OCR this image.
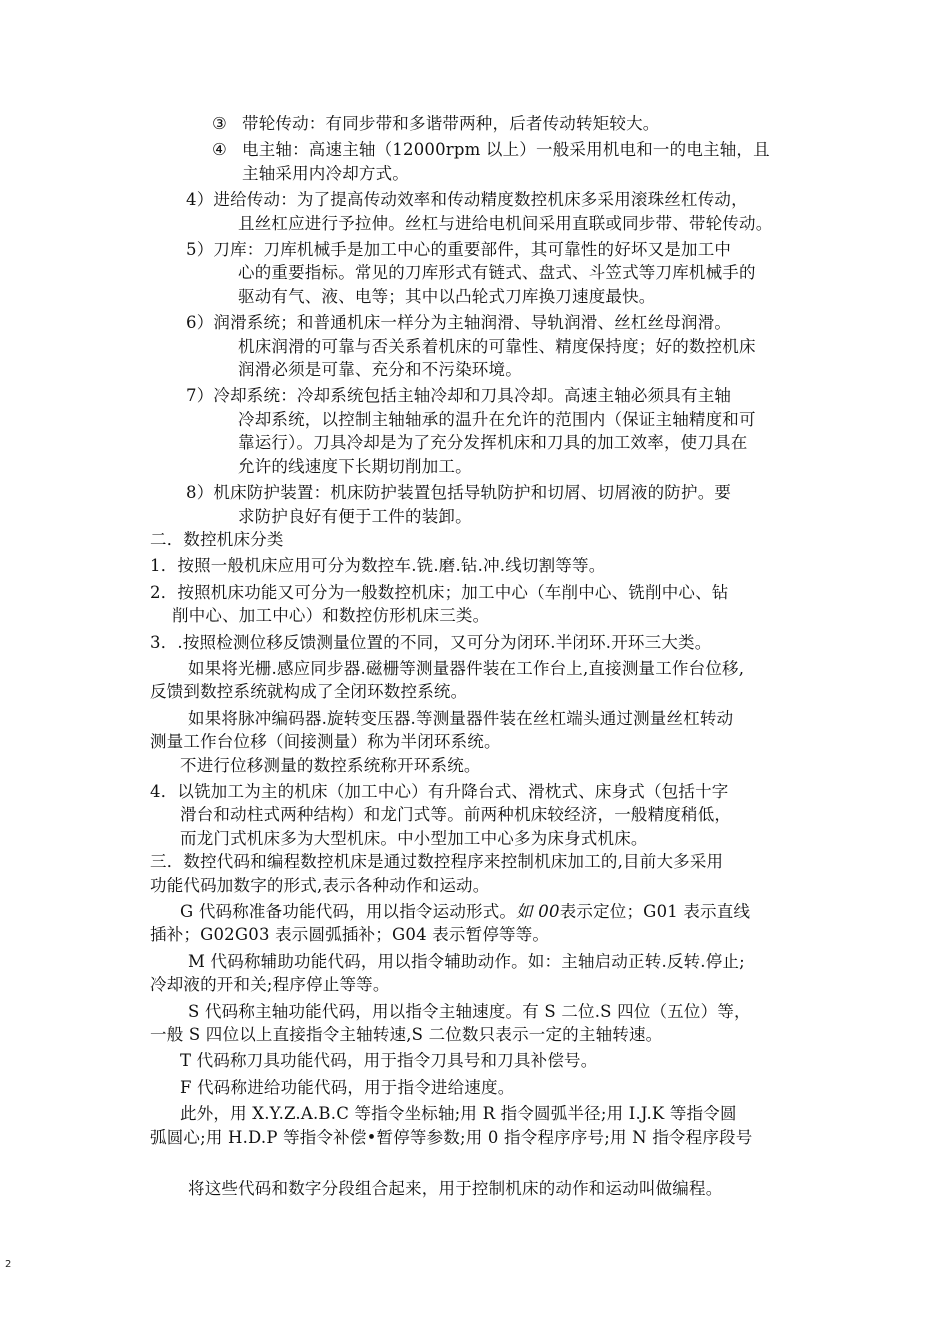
③ 带轮传动：有同步带和多谐带两种，后者传动转矩较大。
④ 电主轴：高速主轴（12000rpm 以上）一般采用机电和一的电主轴，且
主轴采用内冷却方式。
4）进给传动：为了提高传动效率和传动精度数控机床多采用滚珠丝杠传动，
且丝杠应进行予拉伸。丝杠与进给电机间采用直联或同步带、带轮传动。
5）刀库：刀库机械手是加工中心的重要部件，其可靠性的好坏又是加工中
心的重要指标。常见的刀库形式有链式、盘式、斗笠式等刀库机械手的
驱动有气、液、电等；其中以凸轮式刀库换刀速度最快。
6）润滑系统；和普通机床一样分为主轴润滑、导轨润滑、丝杠丝母润滑。
机床润滑的可靠与否关系着机床的可靠性、精度保持度；好的数控机床
润滑必须是可靠、充分和不污染环境。
7）冷却系统：冷却系统包括主轴冷却和刀具冷却。高速主轴必须具有主轴
冷却系统，以控制主轴轴承的温升在允许的范围内（保证主轴精度和可
靠运行）。刀具冷却是为了充分发挥机床和刀具的加工效率，使刀具在
允许的线速度下长期切削加工。
8）机床防护装置：机床防护装置包括导轨防护和切屑、切屑液的防护。要
求防护良好有便于工件的装卸。
二．数控机床分类
1．按照一般机床应用可分为数控车.铣.磨.钻.冲.线切割等等。
2．按照机床功能又可分为一般数控机床；加工中心（车削中心、铣削中心、钻
削中心、加工中心）和数控仿形机床三类。
3．.按照检测位移反馈测量位置的不同，又可分为闭环.半闭环.开环三大类。
如果将光栅.感应同步器.磁栅等测量器件装在工作台上,直接测量工作台位移,
反馈到数控系统就构成了全闭环数控系统。
如果将脉冲编码器.旋转变压器.等测量器件装在丝杠端头通过测量丝杠转动
测量工作台位移（间接测量）称为半闭环系统。
不进行位移测量的数控系统称开环系统。
4．以铣加工为主的机床（加工中心）有升降台式、滑枕式、床身式（包括十字
滑台和动柱式两种结构）和龙门式等。前两种机床较经济，一般精度稍低，
而龙门式机床多为大型机床。中小型加工中心多为床身式机床。
三．数控代码和编程数控机床是通过数控程序来控制机床加工的,目前大多采用
功能代码加数字的形式,表示各种动作和运动。
G 代码称准备功能代码，用以指令运动形式。如 00表示定位；G01 表示直线
插补；G02G03 表示圆弧插补；G04 表示暂停等等。
M 代码称辅助功能代码，用以指令辅助动作。如：主轴启动正转.反转.停止;
冷却液的开和关;程序停止等等。
S 代码称主轴功能代码，用以指令主轴速度。有 S 二位.S 四位（五位）等，
一般 S 四位以上直接指令主轴转速,S 二位数只表示一定的主轴转速。
T 代码称刀具功能代码，用于指令刀具号和刀具补偿号。
F 代码称进给功能代码，用于指令进给速度。
此外，用 X.Y.Z.A.B.C 等指令坐标轴;用 R 指令圆弧半径;用 I.J.K 等指令圆
弧圆心;用 H.D.P 等指令补偿•暂停等参数;用 0 指令程序序号;用 N 指令程序段号
将这些代码和数字分段组合起来，用于控制机床的动作和运动叫做编程。
2
